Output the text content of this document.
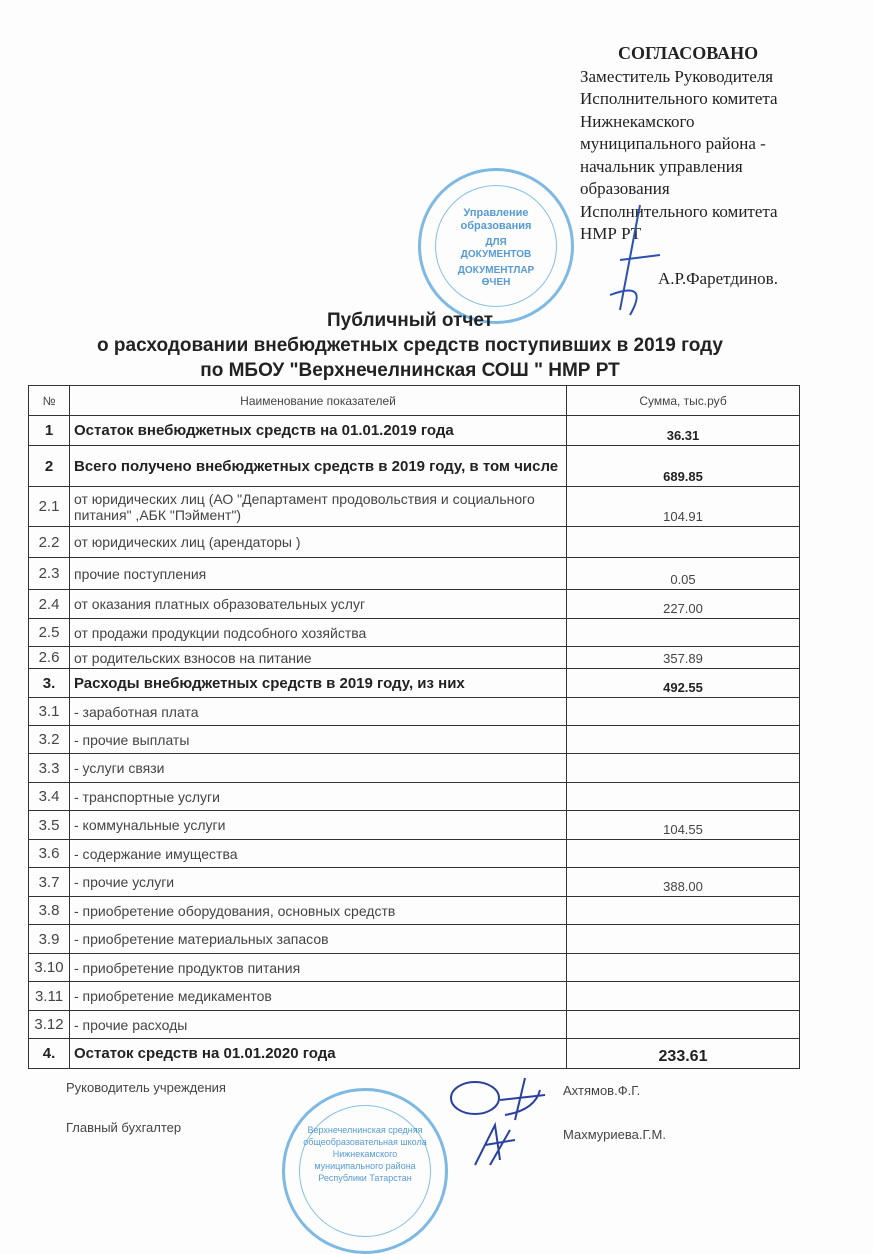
СОГЛАСОВАНО
Заместитель Руководителя
Исполнительного комитета
Нижнекамского
муниципального района -
начальник управления
образования
Исполнительного комитета
НМР РТ
А.Р.Фаретдинов.
Управление
образования
ДЛЯ
ДОКУМЕНТОВ
ДОКУМЕНТЛАР
ӨЧЕН
Публичный отчет
о расходовании внебюджетных средств поступивших в 2019 году
по МБОУ "Верхнечелнинская СОШ " НМР РТ
№	Наименование показателей	Сумма, тыс.руб
1	Остаток внебюджетных средств на 01.01.2019 года	36.31
2	Всего получено внебюджетных средств в 2019 году, в том числе	689.85
2.1	от юридических лиц (АО "Департамент продовольствия и социального питания" ,АБК "Пэймент")	104.91
2.2	от юридических лиц (арендаторы )	
2.3	прочие поступления	0.05
2.4	от оказания платных образовательных услуг	227.00
2.5	от продажи продукции подсобного хозяйства	
2.6	от родительских взносов на питание	357.89
3.	Расходы внебюджетных средств в 2019 году, из них	492.55
3.1	- заработная плата	
3.2	- прочие выплаты	
3.3	- услуги связи	
3.4	- транспортные услуги	
3.5	- коммунальные услуги	104.55
3.6	- содержание имущества	
3.7	- прочие услуги	388.00
3.8	- приобретение оборудования, основных средств	
3.9	- приобретение материальных запасов	
3.10	- приобретение продуктов питания	
3.11	- приобретение медикаментов	
3.12	- прочие расходы	
4.	Остаток средств на 01.01.2020 года	233.61
Верхнечелнинская средняя
общеобразовательная школа
Нижнекамского
муниципального района
Республики Татарстан
Руководитель учреждения	Ахтямов.Ф.Г.
Главный бухгалтер	Махмуриева.Г.М.
